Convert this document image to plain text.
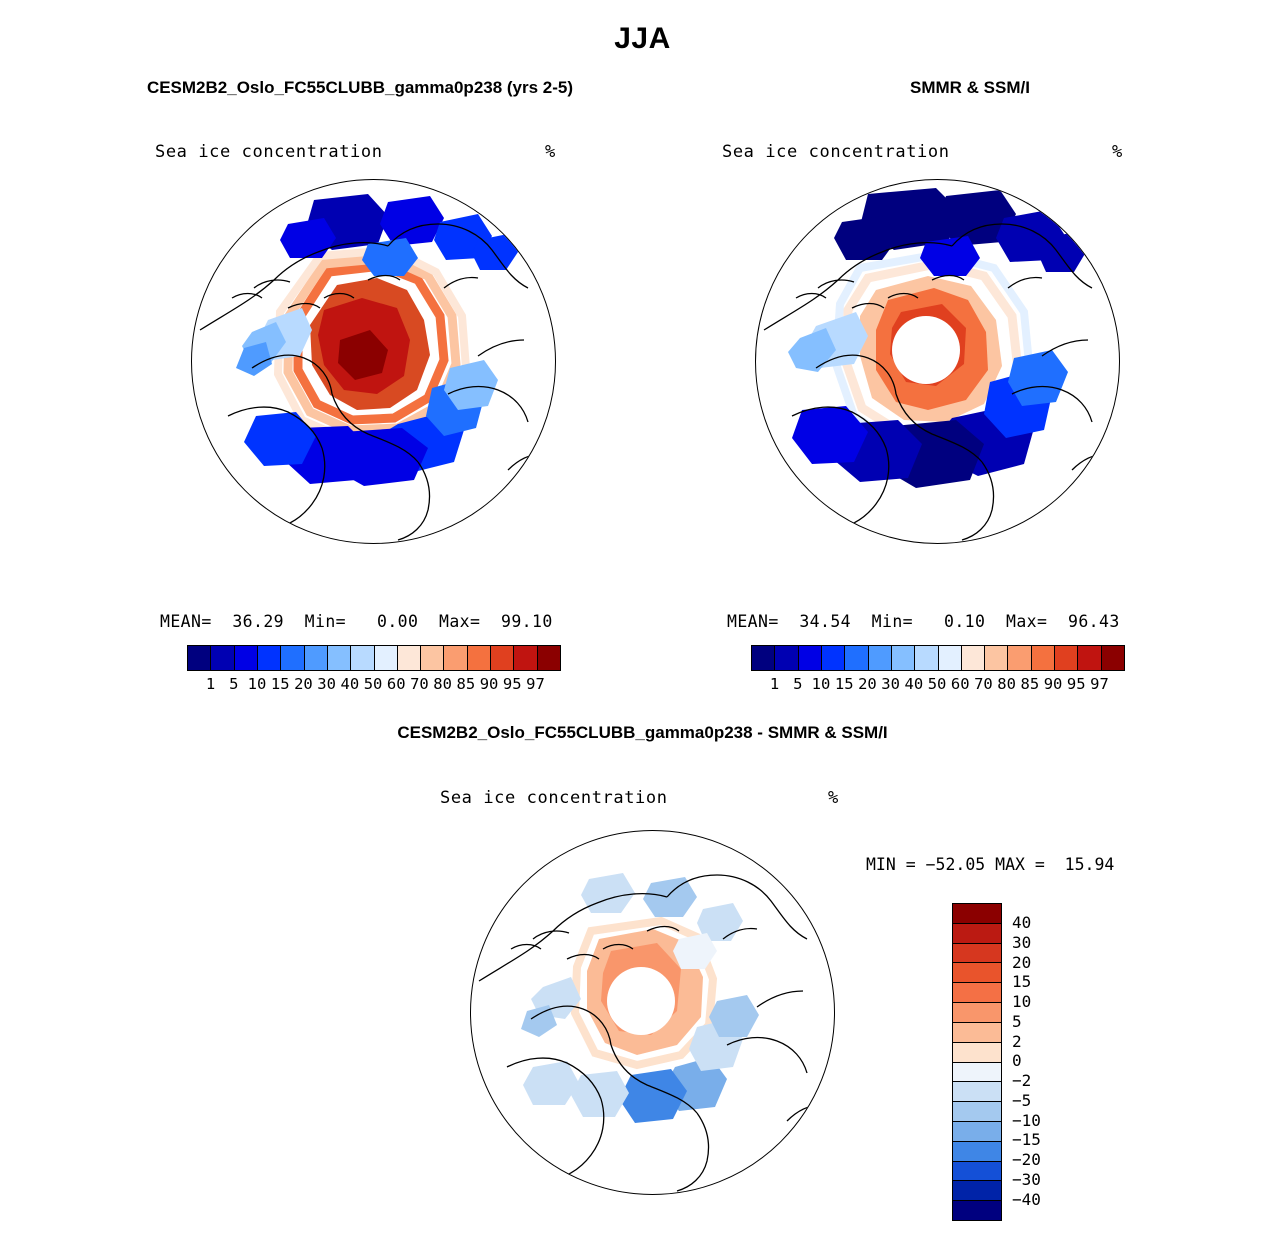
JJA
CESM2B2_Oslo_FC55CLUBB_gamma0p238 (yrs 2-5)
Sea ice concentration	%
MEAN=  36.29  Min=   0.00  Max=  99.10
1 5 10 15 20 30 40 50 60 70 80 85 90 95 97
SMMR & SSM/I
Sea ice concentration	%
MEAN=  34.54  Min=   0.10  Max=  96.43
1 5 10 15 20 30 40 50 60 70 80 85 90 95 97
CESM2B2_Oslo_FC55CLUBB_gamma0p238 - SMMR & SSM/I
Sea ice concentration	%
MIN = −52.05 MAX =  15.94
40
30
20
15
10
5
2
0
−2
−5
−10
−15
−20
−30
−40
